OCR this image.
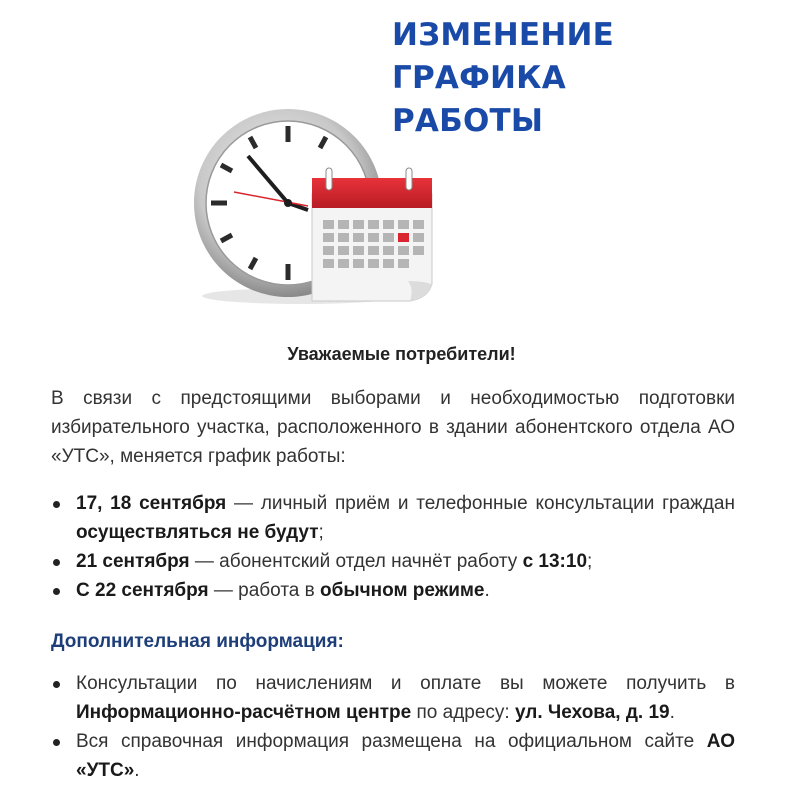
ИЗМЕНЕНИЕ
ГРАФИКА
РАБОТЫ

Уважаемые потребители!

В связи с предстоящими выборами и необходимостью подготовки избирательного участка, расположенного в здании абонентского отдела АО «УТС», меняется график работы:

17, 18 сентября — личный приём и телефонные консультации граждан осуществляться не будут;
21 сентября — абонентский отдел начнёт работу с 13:10;
С 22 сентября — работа в обычном режиме.

Дополнительная информация:

Консультации по начислениям и оплате вы можете получить в Информационно-расчётном центре по адресу: ул. Чехова, д. 19.
Вся справочная информация размещена на официальном сайте АО «УТС».
